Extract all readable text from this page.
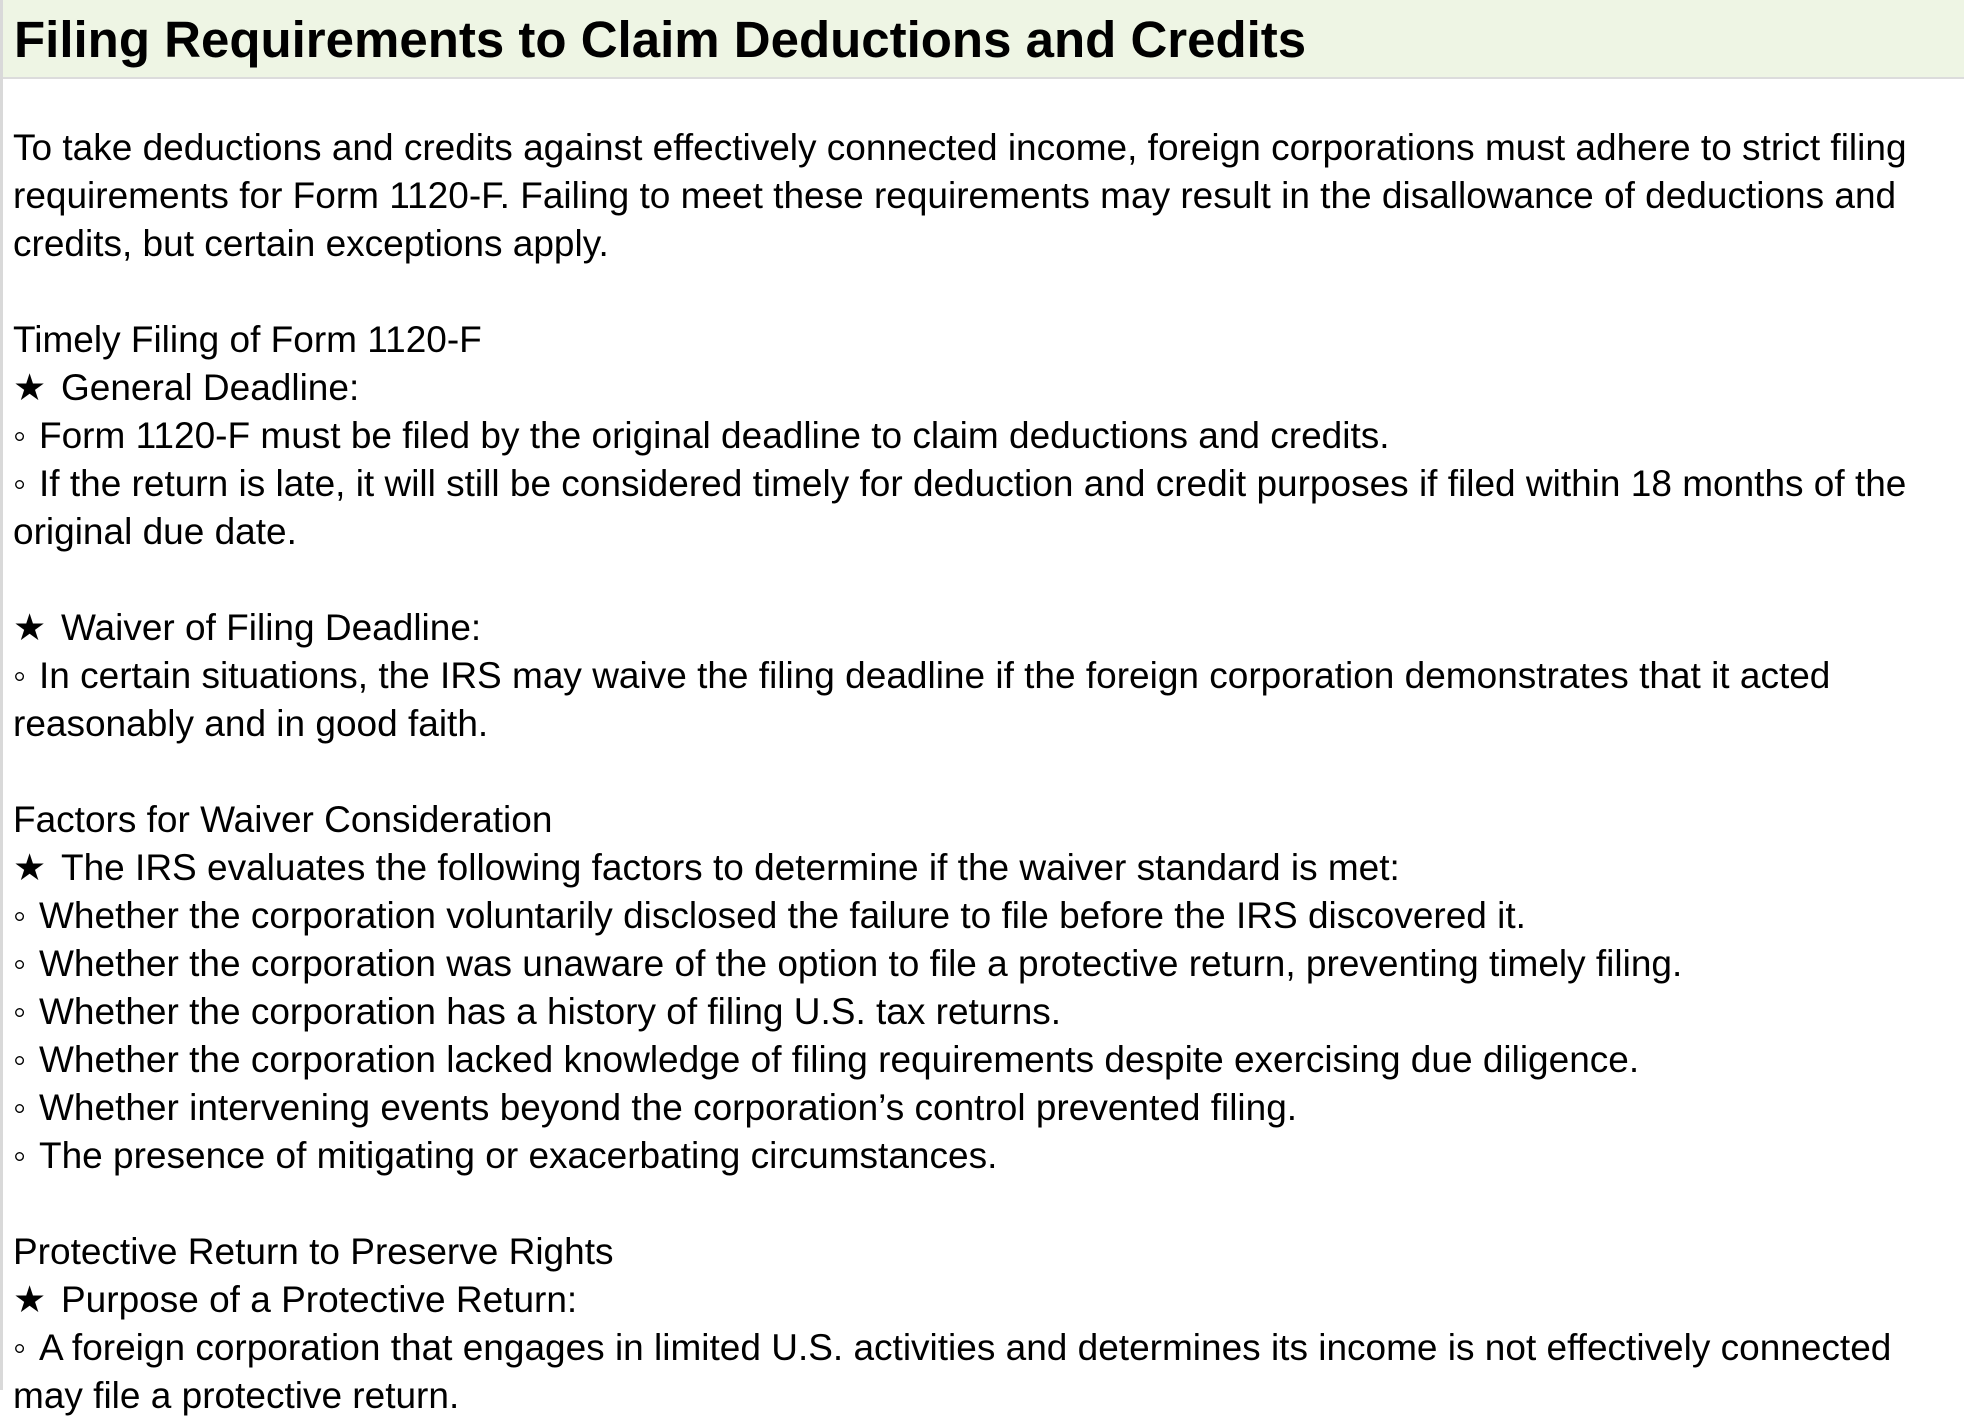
Filing Requirements to Claim Deductions and Credits

To take deductions and credits against effectively connected income, foreign corporations must adhere to strict filing requirements for Form 1120-F. Failing to meet these requirements may result in the disallowance of deductions and credits, but certain exceptions apply.

Timely Filing of Form 1120-F

★ General Deadline:

◦ Form 1120-F must be filed by the original deadline to claim deductions and credits.

◦ If the return is late, it will still be considered timely for deduction and credit purposes if filed within 18 months of the original due date.

★ Waiver of Filing Deadline:

◦ In certain situations, the IRS may waive the filing deadline if the foreign corporation demonstrates that it acted reasonably and in good faith.

Factors for Waiver Consideration

★ The IRS evaluates the following factors to determine if the waiver standard is met:

◦ Whether the corporation voluntarily disclosed the failure to file before the IRS discovered it.

◦ Whether the corporation was unaware of the option to file a protective return, preventing timely filing.

◦ Whether the corporation has a history of filing U.S. tax returns.

◦ Whether the corporation lacked knowledge of filing requirements despite exercising due diligence.

◦ Whether intervening events beyond the corporation’s control prevented filing.

◦ The presence of mitigating or exacerbating circumstances.

Protective Return to Preserve Rights

★ Purpose of a Protective Return:

◦ A foreign corporation that engages in limited U.S. activities and determines its income is not effectively connected may file a protective return.
